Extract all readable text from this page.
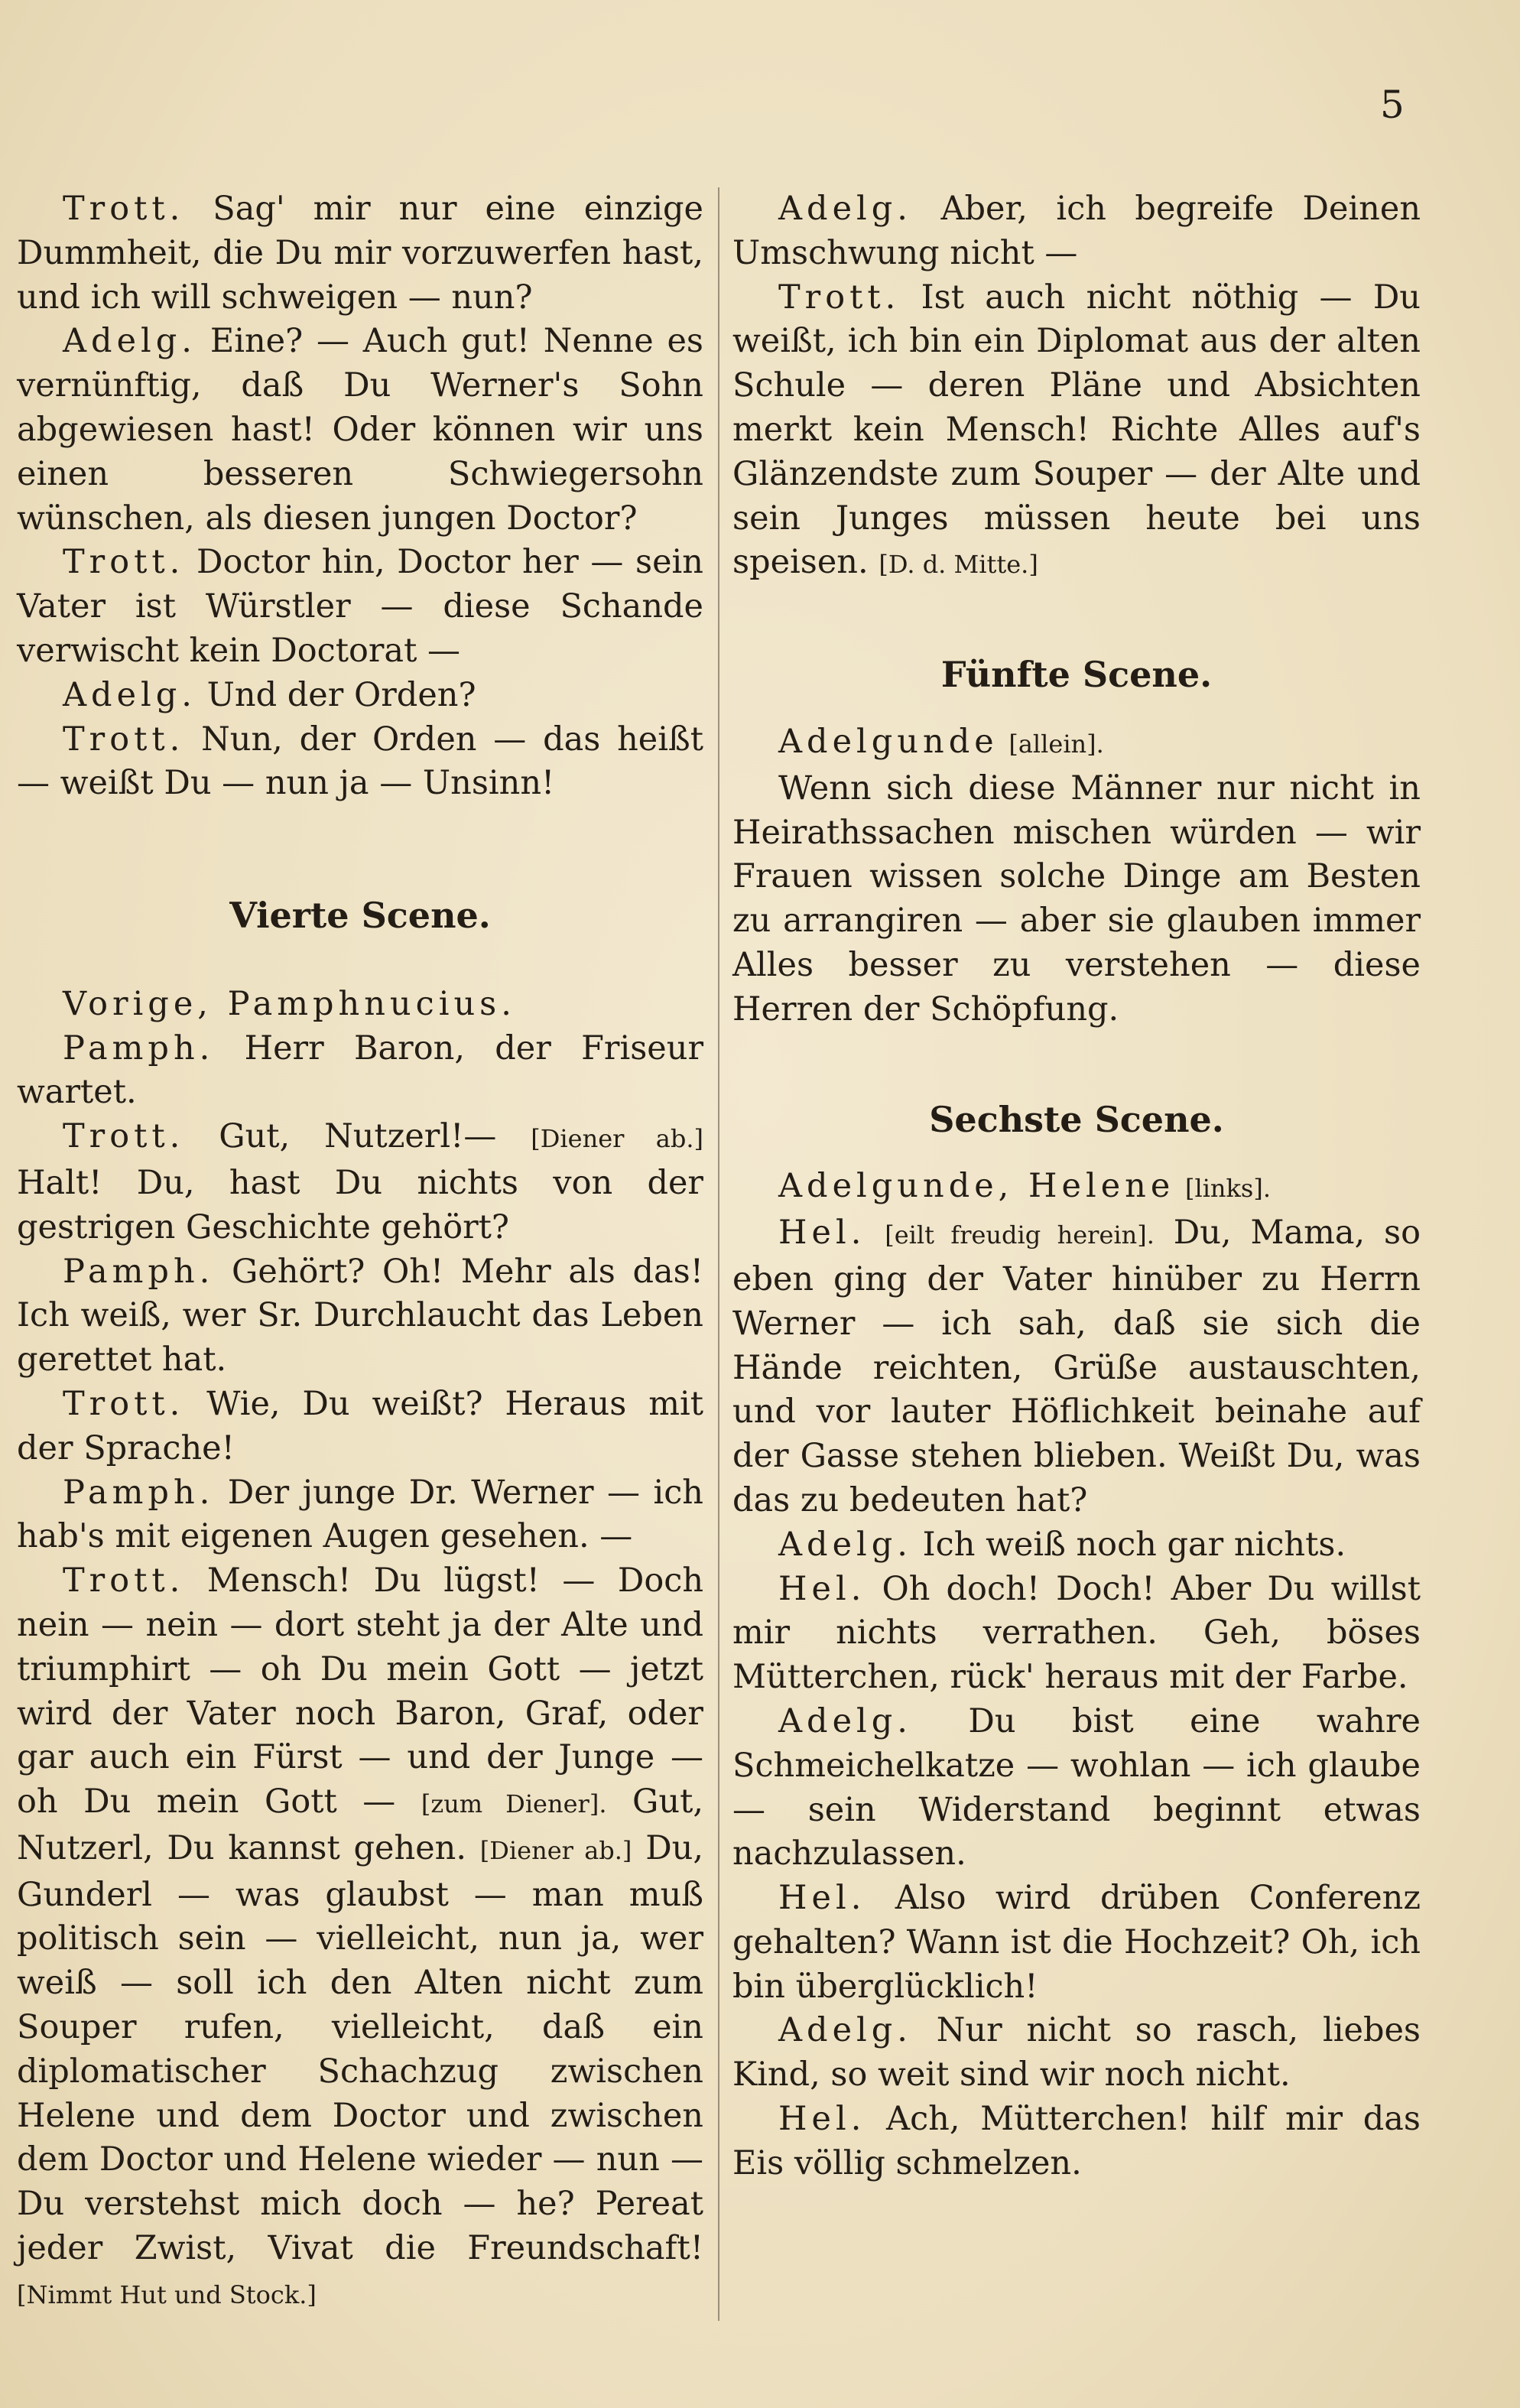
5

Trott. Sag' mir nur eine einzige Dummheit, die Du mir vorzuwerfen hast, und ich will schweigen — nun?

Adelg. Eine? — Auch gut! Nenne es vernünftig, daß Du Werner's Sohn abgewiesen hast! Oder können wir uns einen besseren Schwiegersohn wünschen, als diesen jungen Doctor?

Trott. Doctor hin, Doctor her — sein Vater ist Würstler — diese Schande verwischt kein Doctorat —

Adelg. Und der Orden?

Trott. Nun, der Orden — das heißt — weißt Du — nun ja — Unsinn!

Vierte Scene.

Vorige, Pamphnucius.

Pamph. Herr Baron, der Friseur wartet.

Trott. Gut, Nutzerl!— [Diener ab.] Halt! Du, hast Du nichts von der gestrigen Geschichte gehört?

Pamph. Gehört? Oh! Mehr als das! Ich weiß, wer Sr. Durchlaucht das Leben gerettet hat.

Trott. Wie, Du weißt? Heraus mit der Sprache!

Pamph. Der junge Dr. Werner — ich hab's mit eigenen Augen gesehen. —

Trott. Mensch! Du lügst! — Doch nein — nein — dort steht ja der Alte und triumphirt — oh Du mein Gott — jetzt wird der Vater noch Baron, Graf, oder gar auch ein Fürst — und der Junge — oh Du mein Gott — [zum Diener]. Gut, Nutzerl, Du kannst gehen. [Diener ab.] Du, Gunderl — was glaubst — man muß politisch sein — vielleicht, nun ja, wer weiß — soll ich den Alten nicht zum Souper rufen, vielleicht, daß ein diplomatischer Schachzug zwischen Helene und dem Doctor und zwischen dem Doctor und Helene wieder — nun — Du verstehst mich doch — he? Pereat jeder Zwist, Vivat die Freundschaft! [Nimmt Hut und Stock.]

Adelg. Aber, ich begreife Deinen Umschwung nicht —

Trott. Ist auch nicht nöthig — Du weißt, ich bin ein Diplomat aus der alten Schule — deren Pläne und Absichten merkt kein Mensch! Richte Alles auf's Glänzendste zum Souper — der Alte und sein Junges müssen heute bei uns speisen. [D. d. Mitte.]

Fünfte Scene.

Adelgunde [allein].

Wenn sich diese Männer nur nicht in Heirathssachen mischen würden — wir Frauen wissen solche Dinge am Besten zu arrangiren — aber sie glauben immer Alles besser zu verstehen — diese Herren der Schöpfung.

Sechste Scene.

Adelgunde, Helene [links].

Hel. [eilt freudig herein]. Du, Mama, so eben ging der Vater hinüber zu Herrn Werner — ich sah, daß sie sich die Hände reichten, Grüße austauschten, und vor lauter Höflichkeit beinahe auf der Gasse stehen blieben. Weißt Du, was das zu bedeuten hat?

Adelg. Ich weiß noch gar nichts.

Hel. Oh doch! Doch! Aber Du willst mir nichts verrathen. Geh, böses Mütterchen, rück' heraus mit der Farbe.

Adelg. Du bist eine wahre Schmeichelkatze — wohlan — ich glaube — sein Widerstand beginnt etwas nachzulassen.

Hel. Also wird drüben Conferenz gehalten? Wann ist die Hochzeit? Oh, ich bin überglücklich!

Adelg. Nur nicht so rasch, liebes Kind, so weit sind wir noch nicht.

Hel. Ach, Mütterchen! hilf mir das Eis völlig schmelzen.
